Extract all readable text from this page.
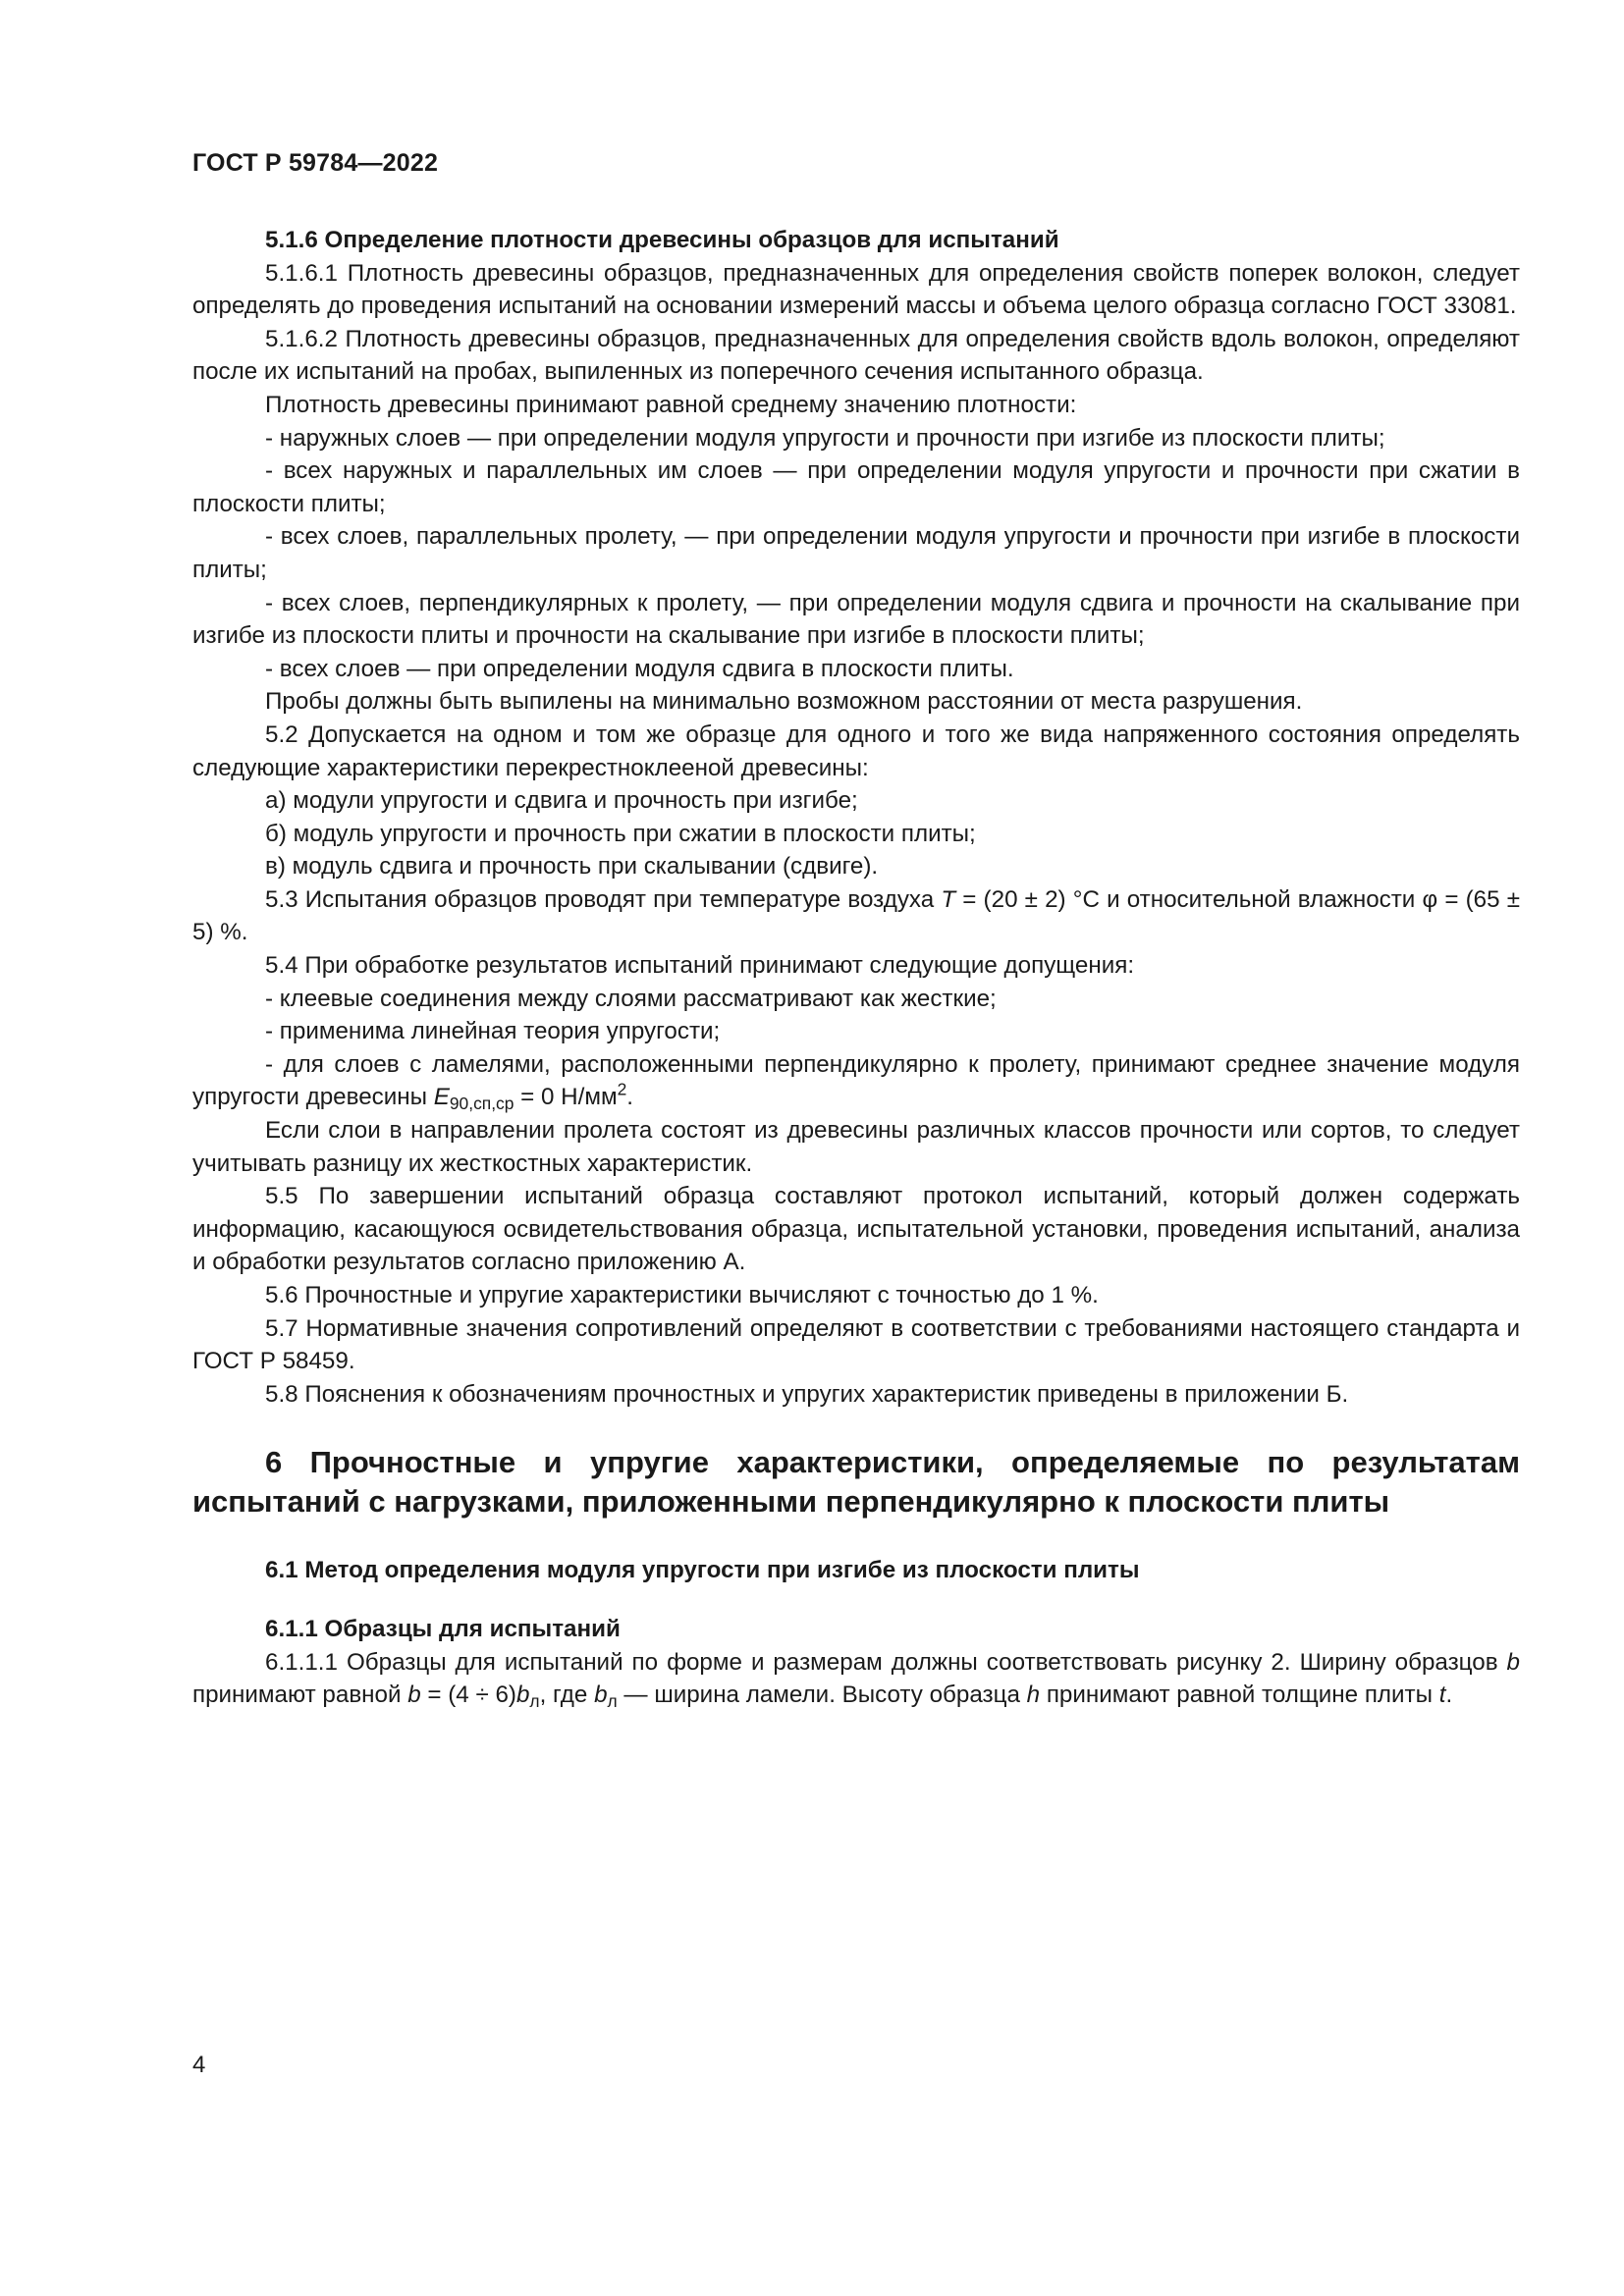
ГОСТ Р 59784—2022

5.1.6 Определение плотности древесины образцов для испытаний

5.1.6.1 Плотность древесины образцов, предназначенных для определения свойств поперек волокон, следует определять до проведения испытаний на основании измерений массы и объема целого образца согласно ГОСТ 33081.

5.1.6.2 Плотность древесины образцов, предназначенных для определения свойств вдоль волокон, определяют после их испытаний на пробах, выпиленных из поперечного сечения испытанного образца.

Плотность древесины принимают равной среднему значению плотности:

- наружных слоев — при определении модуля упругости и прочности при изгибе из плоскости плиты;

- всех наружных и параллельных им слоев — при определении модуля упругости и прочности при сжатии в плоскости плиты;

- всех слоев, параллельных пролету, — при определении модуля упругости и прочности при изгибе в плоскости плиты;

- всех слоев, перпендикулярных к пролету, — при определении модуля сдвига и прочности на скалывание при изгибе из плоскости плиты и прочности на скалывание при изгибе в плоскости плиты;

- всех слоев — при определении модуля сдвига в плоскости плиты.

Пробы должны быть выпилены на минимально возможном расстоянии от места разрушения.

5.2 Допускается на одном и том же образце для одного и того же вида напряженного состояния определять следующие характеристики перекрестноклееной древесины:

а) модули упругости и сдвига и прочность при изгибе;

б) модуль упругости и прочность при сжатии в плоскости плиты;

в) модуль сдвига и прочность при скалывании (сдвиге).

5.3 Испытания образцов проводят при температуре воздуха T = (20 ± 2) °С и относительной влажности φ = (65 ± 5) %.

5.4 При обработке результатов испытаний принимают следующие допущения:

- клеевые соединения между слоями рассматривают как жесткие;

- применима линейная теория упругости;

- для слоев с ламелями, расположенными перпендикулярно к пролету, принимают среднее значение модуля упругости древесины $E_{90,сп,ср} = 0$ $Н/мм^2$.

Если слои в направлении пролета состоят из древесины различных классов прочности или сортов, то следует учитывать разницу их жесткостных характеристик.

5.5 По завершении испытаний образца составляют протокол испытаний, который должен содержать информацию, касающуюся освидетельствования образца, испытательной установки, проведения испытаний, анализа и обработки результатов согласно приложению А.

5.6 Прочностные и упругие характеристики вычисляют с точностью до 1 %.

5.7 Нормативные значения сопротивлений определяют в соответствии с требованиями настоящего стандарта и ГОСТ Р 58459.

5.8 Пояснения к обозначениям прочностных и упругих характеристик приведены в приложении Б.

6 Прочностные и упругие характеристики, определяемые по результатам испытаний с нагрузками, приложенными перпендикулярно к плоскости плиты

6.1 Метод определения модуля упругости при изгибе из плоскости плиты

6.1.1 Образцы для испытаний

6.1.1.1 Образцы для испытаний по форме и размерам должны соответствовать рисунку 2. Ширину образцов b принимают равной $b = (4 \div 6)b_л$, где $b_л$ — ширина ламели. Высоту образца h принимают равной толщине плиты t.

4
